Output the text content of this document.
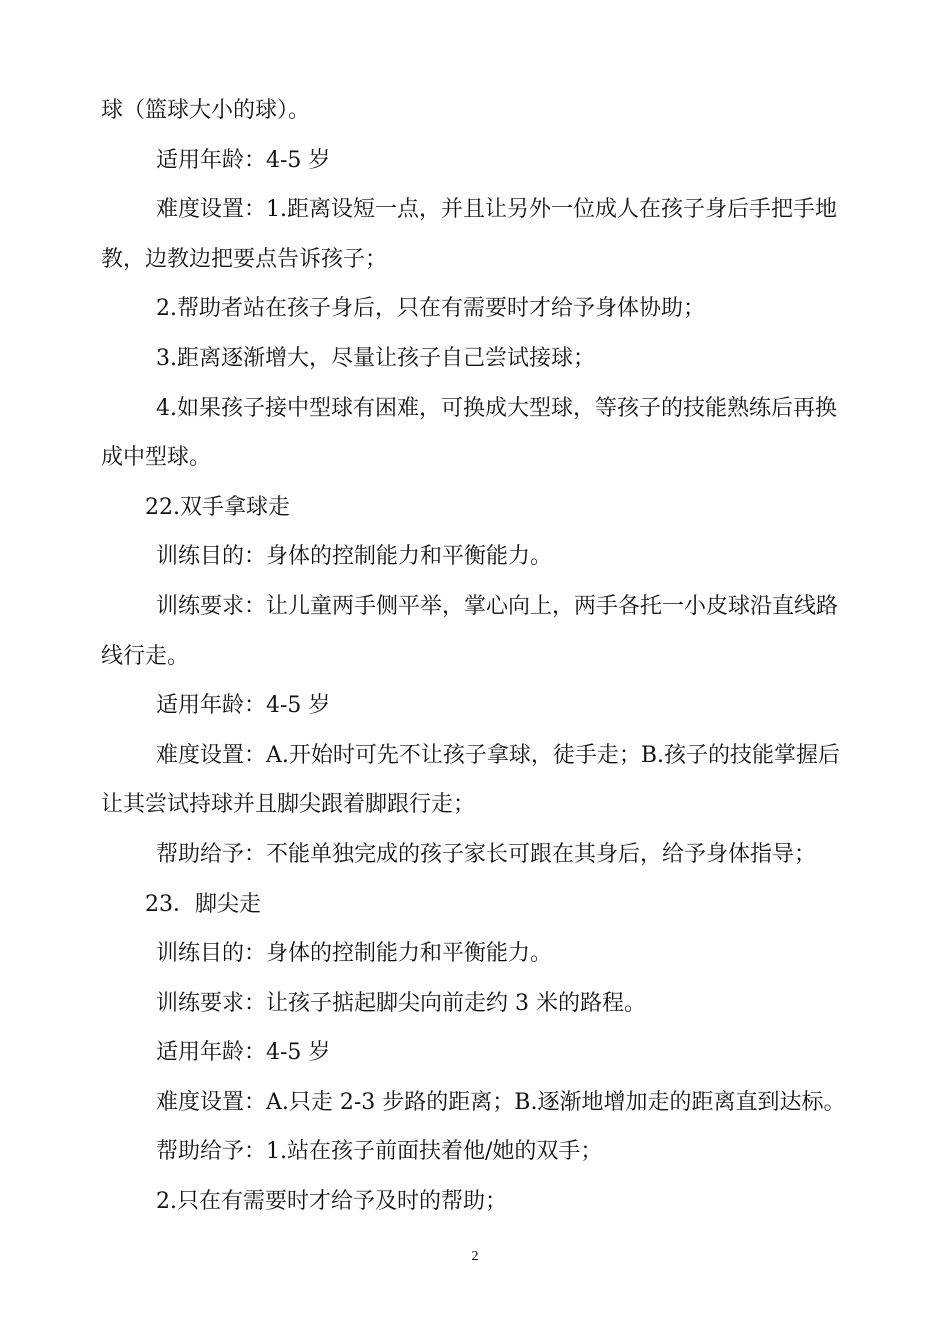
球（篮球大小的球）。
适用年龄：4-5 岁
难度设置：1.距离设短一点，并且让另外一位成人在孩子身后手把手地
教，边教边把要点告诉孩子；
2.帮助者站在孩子身后，只在有需要时才给予身体协助；
3.距离逐渐增大，尽量让孩子自己尝试接球；
4.如果孩子接中型球有困难，可换成大型球，等孩子的技能熟练后再换
成中型球。
22.双手拿球走
训练目的：身体的控制能力和平衡能力。
训练要求：让儿童两手侧平举，掌心向上，两手各托一小皮球沿直线路
线行走。
适用年龄：4-5 岁
难度设置：A.开始时可先不让孩子拿球，徒手走；B.孩子的技能掌握后
让其尝试持球并且脚尖跟着脚跟行走；
帮助给予：不能单独完成的孩子家长可跟在其身后，给予身体指导；
23．脚尖走
训练目的：身体的控制能力和平衡能力。
训练要求：让孩子掂起脚尖向前走约 3 米的路程。
适用年龄：4-5 岁
难度设置：A.只走 2-3 步路的距离；B.逐渐地增加走的距离直到达标。
帮助给予：1.站在孩子前面扶着他/她的双手；
2.只在有需要时才给予及时的帮助；
2
